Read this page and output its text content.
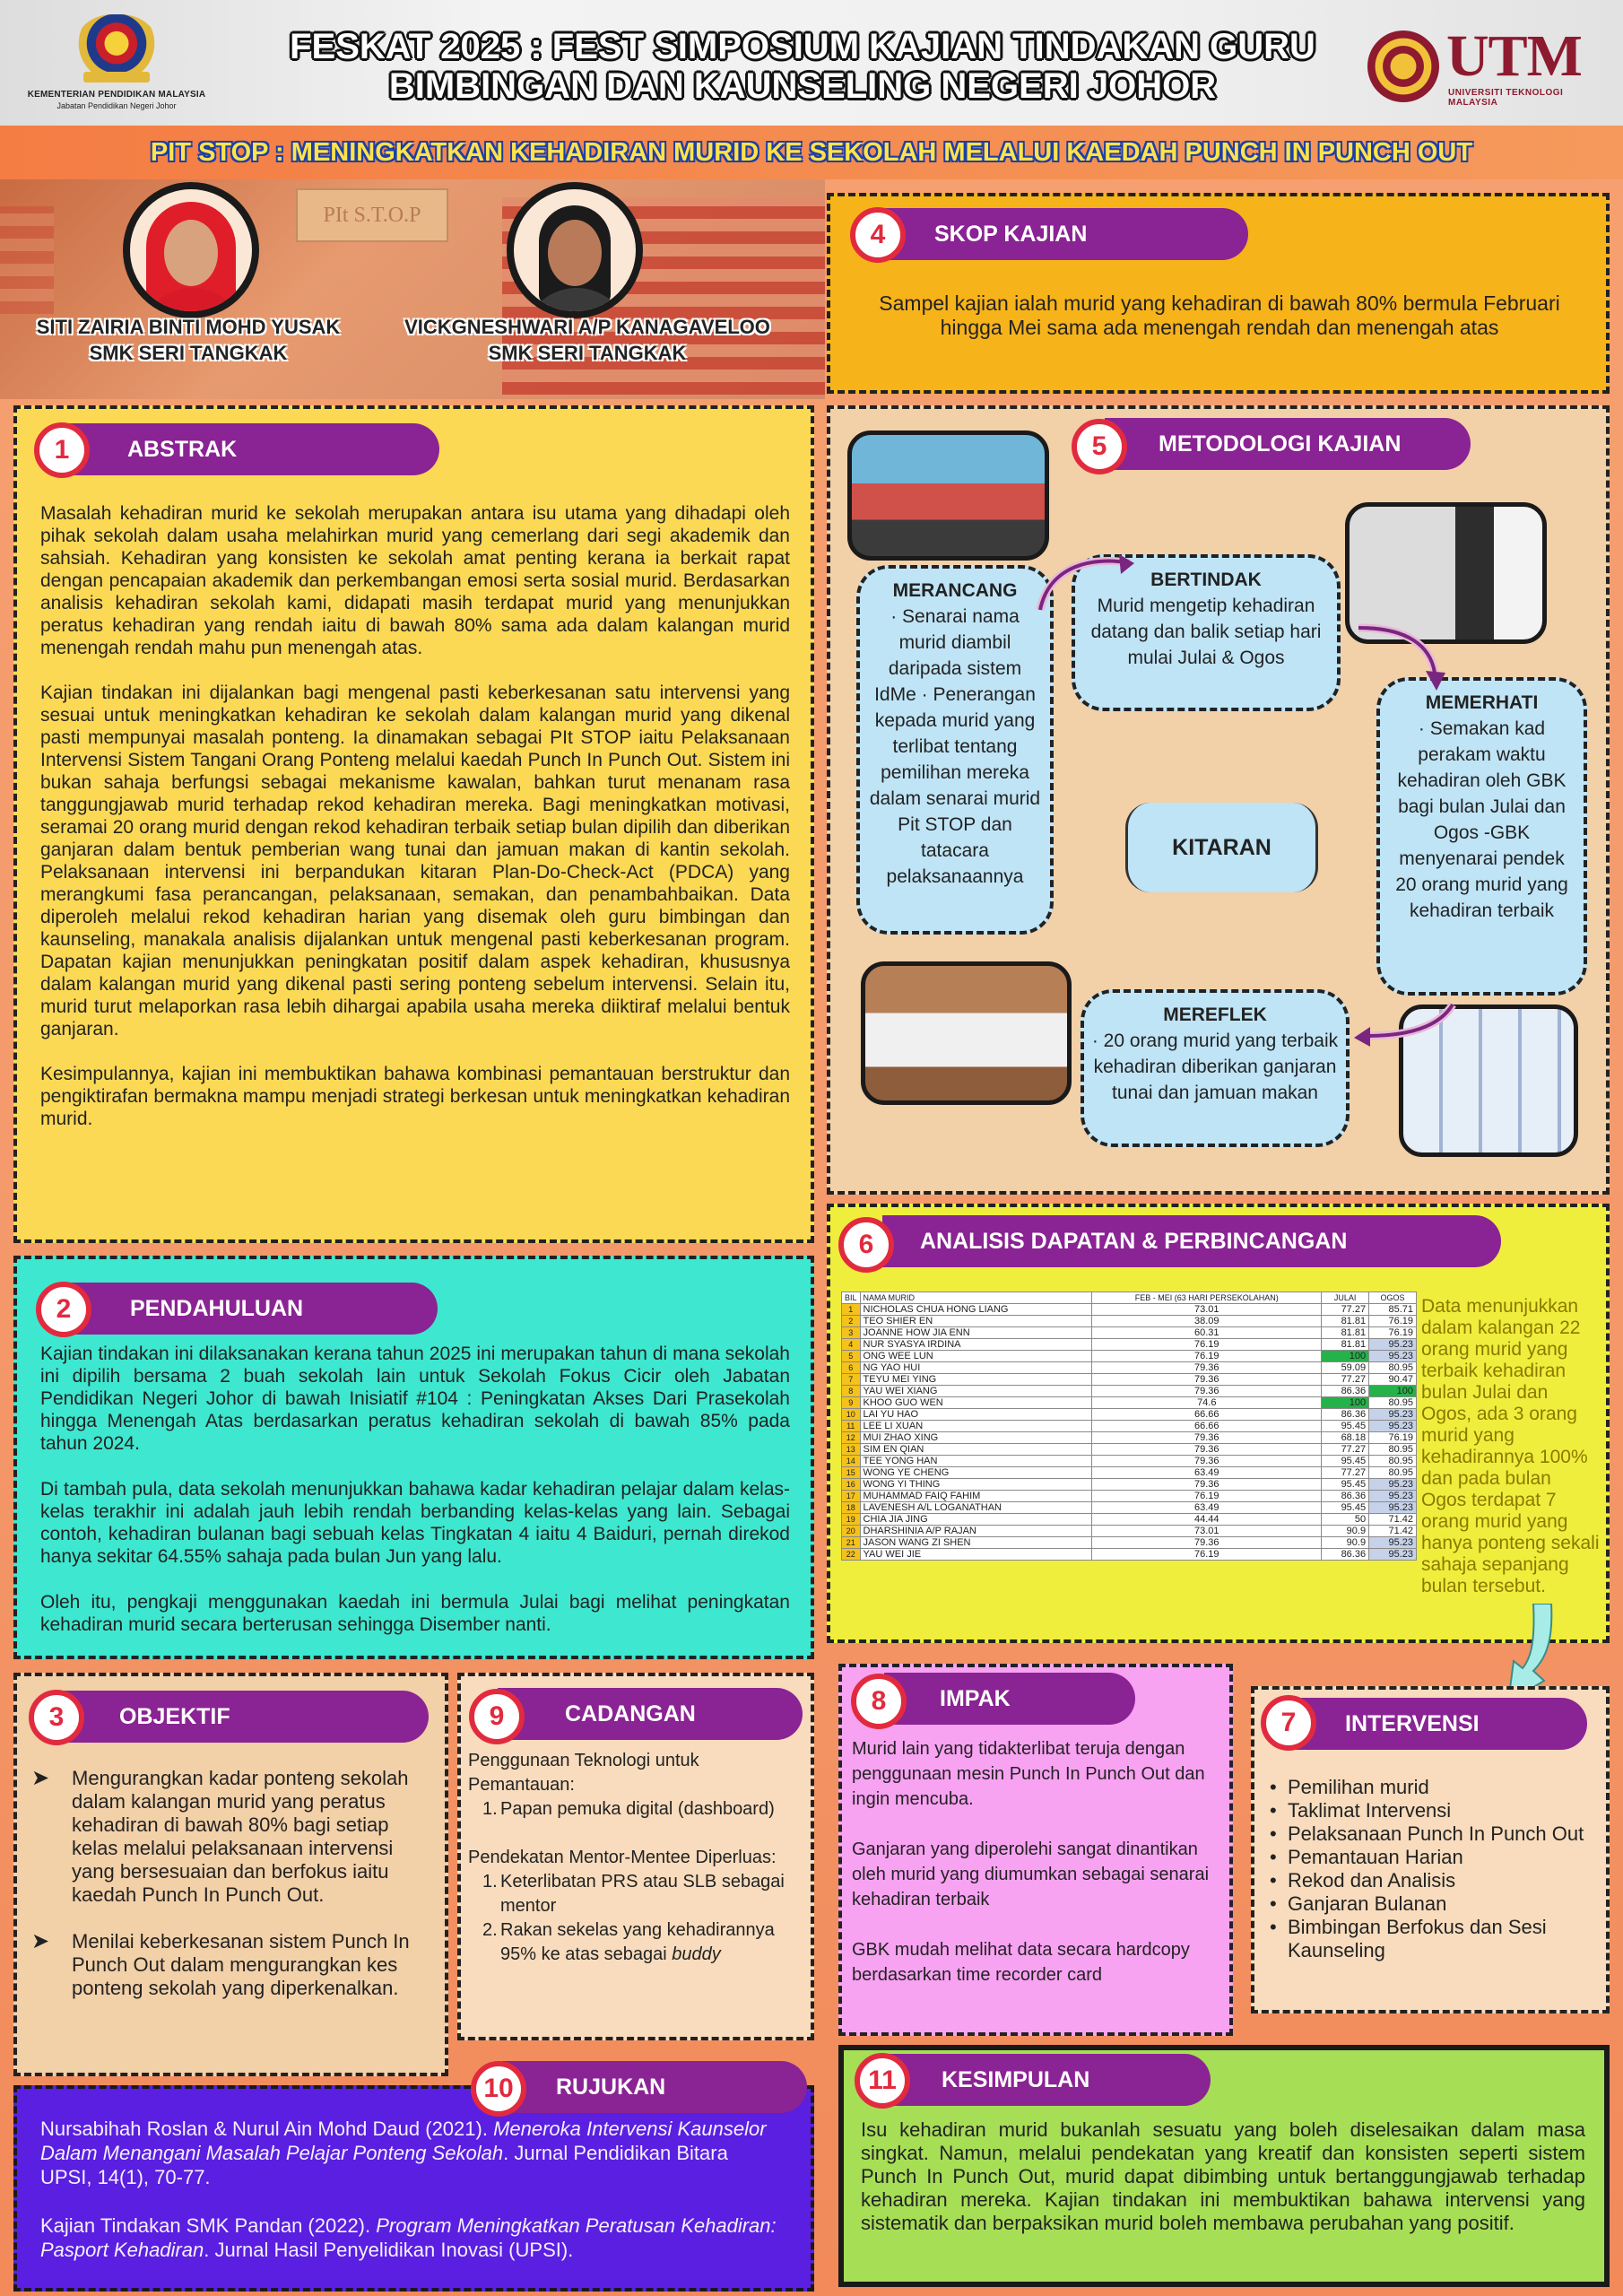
KEMENTERIAN PENDIDIKAN MALAYSIA
Jabatan Pendidikan Negeri Johor
FESKAT 2025 : FEST SIMPOSIUM KAJIAN TINDAKAN GURU
BIMBINGAN DAN KAUNSELING NEGERI JOHOR	UTM
UNIVERSITI TEKNOLOGI MALAYSIA
PIT STOP : MENINGKATKAN KEHADIRAN MURID KE SEKOLAH MELALUI KAEDAH PUNCH IN PUNCH OUT
PIt S.T.O.P
SITI ZAIRIA BINTI MOHD YUSAK
SMK SERI TANGKAK
VICKGNESHWARI A/P KANAGAVELOO
SMK SERI TANGKAK
SKOP KAJIAN
4
Sampel kajian ialah murid yang kehadiran di bawah 80% bermula Februari hingga Mei sama ada menengah rendah dan menengah atas
ABSTRAK
1

Masalah kehadiran murid ke sekolah merupakan antara isu utama yang dihadapi oleh pihak sekolah dalam usaha melahirkan murid yang cemerlang dari segi akademik dan sahsiah. Kehadiran yang konsisten ke sekolah amat penting kerana ia berkait rapat dengan pencapaian akademik dan perkembangan emosi serta sosial murid. Berdasarkan analisis kehadiran sekolah kami, didapati masih terdapat murid yang menunjukkan peratus kehadiran yang rendah iaitu di bawah 80% sama ada dalam kalangan murid menengah rendah mahu pun menengah atas.

Kajian tindakan ini dijalankan bagi mengenal pasti keberkesanan satu intervensi yang sesuai untuk meningkatkan kehadiran ke sekolah dalam kalangan murid yang dikenal pasti mempunyai masalah ponteng. Ia dinamakan sebagai PIt STOP iaitu Pelaksanaan Intervensi Sistem Tangani Orang Ponteng melalui kaedah Punch In Punch Out. Sistem ini bukan sahaja berfungsi sebagai mekanisme kawalan, bahkan turut menanam rasa tanggungjawab murid terhadap rekod kehadiran mereka. Bagi meningkatkan motivasi, seramai 20 orang murid dengan rekod kehadiran terbaik setiap bulan dipilih dan diberikan ganjaran dalam bentuk pemberian wang tunai dan jamuan makan di kantin sekolah. Pelaksanaan intervensi ini berpandukan kitaran Plan-Do-Check-Act (PDCA) yang merangkumi fasa perancangan, pelaksanaan, semakan, dan penambahbaikan. Data diperoleh melalui rekod kehadiran harian yang disemak oleh guru bimbingan dan kaunseling, manakala analisis dijalankan untuk mengenal pasti keberkesanan program. Dapatan kajian menunjukkan peningkatan positif dalam aspek kehadiran, khususnya dalam kalangan murid yang dikenal pasti sering ponteng sebelum intervensi. Selain itu, murid turut melaporkan rasa lebih dihargai apabila usaha mereka diiktiraf melalui bentuk ganjaran.

Kesimpulannya, kajian ini membuktikan bahawa kombinasi pemantauan berstruktur dan pengiktirafan bermakna mampu menjadi strategi berkesan untuk meningkatkan kehadiran murid.

METODOLOGI KAJIAN
5
MERANCANG
· Senarai nama murid diambil daripada sistem IdMe · Penerangan kepada murid yang terlibat tentang pemilihan mereka dalam senarai murid Pit STOP dan tatacara pelaksanaannya
BERTINDAK
Murid mengetip kehadiran datang dan balik setiap hari mulai Julai & Ogos
MEMERHATI
· Semakan kad perakam waktu kehadiran oleh GBK bagi bulan Julai dan Ogos -GBK menyenarai pendek 20 orang murid yang kehadiran terbaik
MEREFLEK
· 20 orang murid yang terbaik kehadiran diberikan ganjaran tunai dan jamuan makan
KITARAN
PENDAHULUAN
2

Kajian tindakan ini dilaksanakan kerana tahun 2025 ini merupakan tahun di mana sekolah ini dipilih bersama 2 buah sekolah lain untuk Sekolah Fokus Cicir oleh Jabatan Pendidikan Negeri Johor di bawah Inisiatif #104 : Peningkatan Akses Dari Prasekolah hingga Menengah Atas berdasarkan peratus kehadiran sekolah di bawah 85% pada tahun 2024.

Di tambah pula, data sekolah menunjukkan bahawa kadar kehadiran pelajar dalam kelas-kelas terakhir ini adalah jauh lebih rendah berbanding kelas-kelas yang lain. Sebagai contoh, kehadiran bulanan bagi sebuah kelas Tingkatan 4 iaitu 4 Baiduri, pernah direkod hanya sekitar 64.55% sahaja pada bulan Jun yang lalu.

Oleh itu, pengkaji menggunakan kaedah ini bermula Julai bagi melihat peningkatan kehadiran murid secara berterusan sehingga Disember nanti.

ANALISIS DAPATAN & PERBINCANGAN
6
BIL	NAMA MURID	FEB - MEI (63 HARI PERSEKOLAHAN)	JULAI	OGOS
1	NICHOLAS CHUA HONG LIANG	73.01	77.27	85.71
2	TEO SHIER EN	38.09	81.81	76.19
3	JOANNE HOW JIA ENN	60.31	81.81	76.19
4	NUR SYASYA IRDINA	76.19	81.81	95.23
5	ONG WEE LUN	76.19	100	95.23
6	NG YAO HUI	79.36	59.09	80.95
7	TEYU MEI YING	79.36	77.27	90.47
8	YAU WEI XIANG	79.36	86.36	100
9	KHOO GUO WEN	74.6	100	80.95
10	LAI YU HAO	66.66	86.36	95.23
11	LEE LI XUAN	66.66	95.45	95.23
12	MUI ZHAO XING	79.36	68.18	76.19
13	SIM EN QIAN	79.36	77.27	80.95
14	TEE YONG HAN	79.36	95.45	80.95
15	WONG YE CHENG	63.49	77.27	80.95
16	WONG YI THING	79.36	95.45	95.23
17	MUHAMMAD FAIQ FAHIM	76.19	86.36	95.23
18	LAVENESH A/L LOGANATHAN	63.49	95.45	95.23
19	CHIA JIA JING	44.44	50	71.42
20	DHARSHINIA A/P RAJAN	73.01	90.9	71.42
21	JASON WANG ZI SHEN	79.36	90.9	95.23
22	YAU WEI JIE	76.19	86.36	95.23
Data menunjukkan dalam kalangan 22 orang murid yang terbaik kehadiran bulan Julai dan Ogos, ada 3 orang murid yang kehadirannya 100% dan pada bulan Ogos terdapat 7 orang murid yang hanya ponteng sekali sahaja sepanjang bulan tersebut.
OBJEKTIF
3
➤ Mengurangkan kadar ponteng sekolah dalam kalangan murid yang peratus kehadiran di bawah 80% bagi setiap kelas melalui pelaksanaan intervensi yang bersesuaian dan berfokus iaitu kaedah Punch In Punch Out.
➤ Menilai keberkesanan sistem Punch In Punch Out dalam mengurangkan kes ponteng sekolah yang diperkenalkan.
CADANGAN
9
Penggunaan Teknologi untuk Pemantauan:
1. Papan pemuka digital (dashboard)
Pendekatan Mentor-Mentee Diperluas:
1. Keterlibatan PRS atau SLB sebagai mentor
2. Rakan sekelas yang kehadirannya 95% ke atas sebagai buddy
IMPAK
8

Murid lain yang tidakterlibat teruja dengan penggunaan mesin Punch In Punch Out dan ingin mencuba.

Ganjaran yang diperolehi sangat dinantikan oleh murid yang diumumkan sebagai senarai kehadiran terbaik

GBK mudah melihat data secara hardcopy berdasarkan time recorder card

INTERVENSI
7
• Pemilihan murid
• Taklimat Intervensi
• Pelaksanaan Punch In Punch Out
• Pemantauan Harian
• Rekod dan Analisis
• Ganjaran Bulanan
• Bimbingan Berfokus dan Sesi Kaunseling
RUJUKAN
10

Nursabihah Roslan & Nurul Ain Mohd Daud (2021). Meneroka Intervensi Kaunselor Dalam Menangani Masalah Pelajar Ponteng Sekolah. Jurnal Pendidikan Bitara UPSI, 14(1), 70-77.

Kajian Tindakan SMK Pandan (2022). Program Meningkatkan Peratusan Kehadiran: Pasport Kehadiran. Jurnal Hasil Penyelidikan Inovasi (UPSI).

KESIMPULAN
11
Isu kehadiran murid bukanlah sesuatu yang boleh diselesaikan dalam masa singkat. Namun, melalui pendekatan yang kreatif dan konsisten seperti sistem Punch In Punch Out, murid dapat dibimbing untuk bertanggungjawab terhadap kehadiran mereka. Kajian tindakan ini membuktikan bahawa intervensi yang sistematik dan berpaksikan murid boleh membawa perubahan yang positif.
